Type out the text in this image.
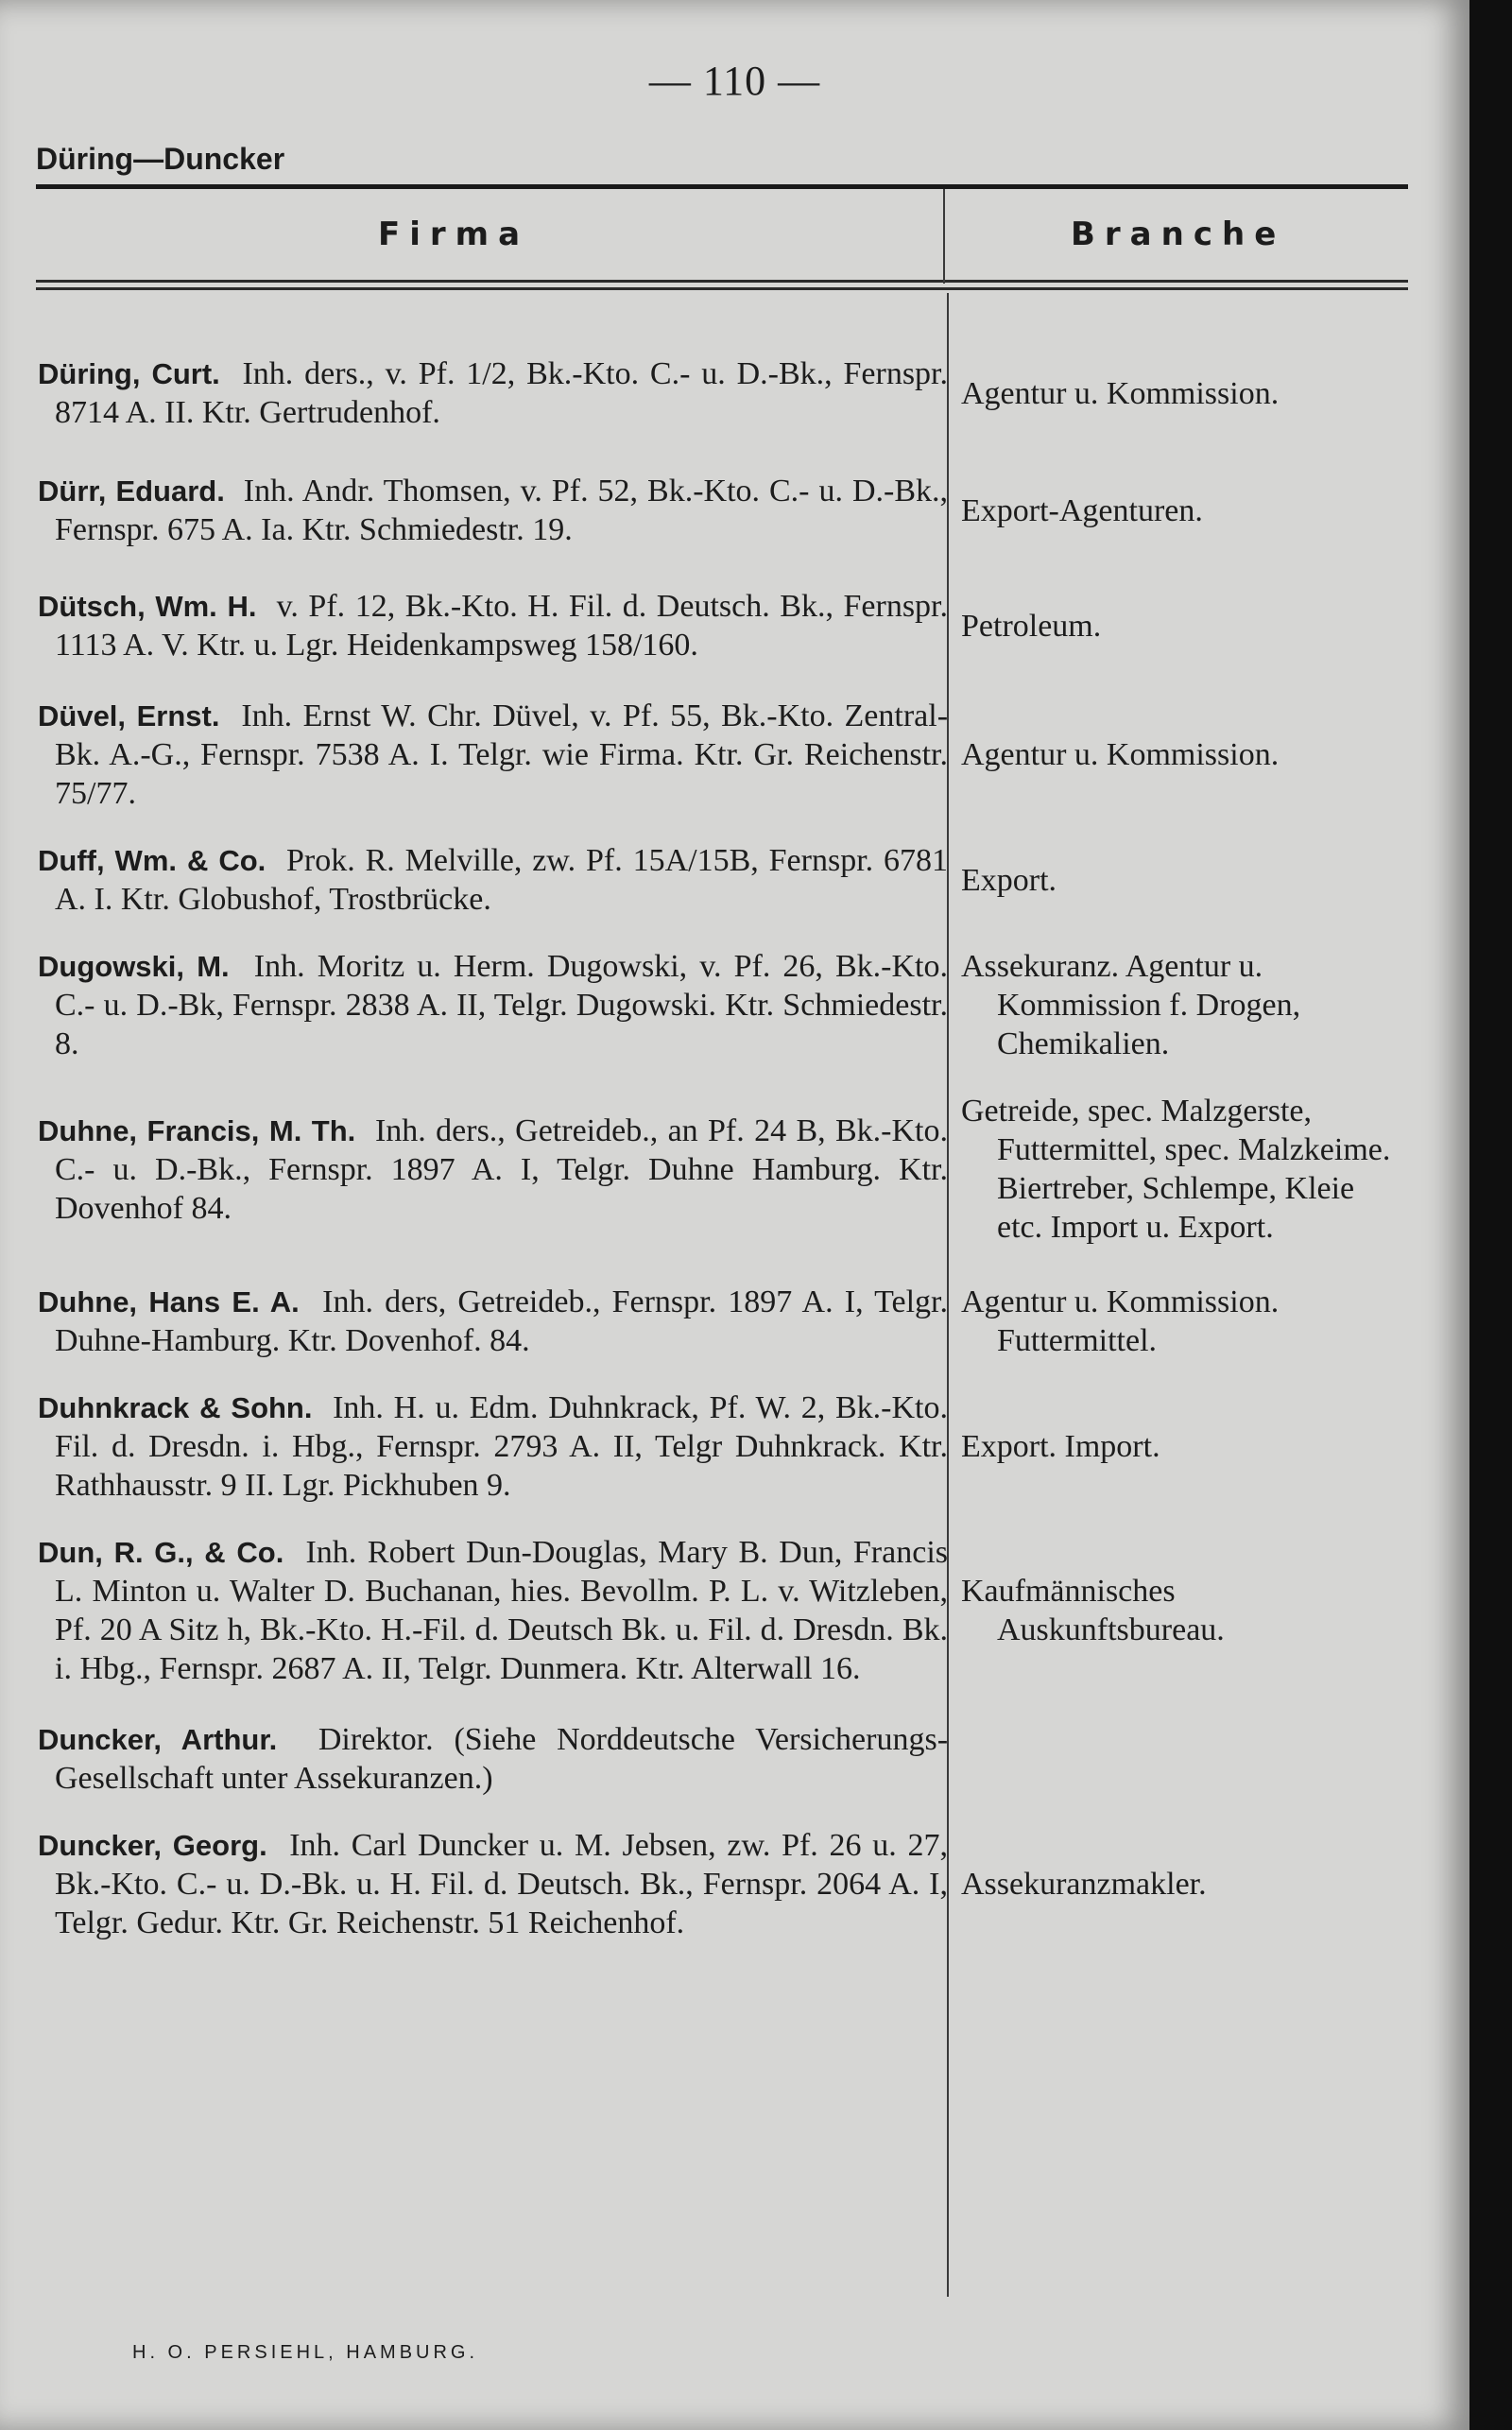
— 110 —
Düring—Duncker
Firma	Branche
Düring, Curt. Inh. ders., v. Pf. 1/2, Bk.-Kto. C.- u. D.-Bk., Fernspr. 8714 A. II. Ktr. Gertrudenhof.
Agentur u. Kommission.
Dürr, Eduard. Inh. Andr. Thomsen, v. Pf. 52, Bk.-Kto. C.- u. D.-Bk., Fernspr. 675 A. Ia. Ktr. Schmiedestr. 19.
Export-Agenturen.
Dütsch, Wm. H. v. Pf. 12, Bk.-Kto. H. Fil. d. Deutsch. Bk., Fernspr. 1113 A. V. Ktr. u. Lgr. Heidenkampsweg 158/160.
Petroleum.
Düvel, Ernst. Inh. Ernst W. Chr. Düvel, v. Pf. 55, Bk.-Kto. Zentral-Bk. A.-G., Fernspr. 7538 A. I. Telgr. wie Firma. Ktr. Gr. Reichenstr. 75/77.
Agentur u. Kommission.
Duff, Wm. & Co. Prok. R. Melville, zw. Pf. 15A/15B, Fernspr. 6781 A. I. Ktr. Globushof, Trostbrücke.
Export.
Dugowski, M. Inh. Moritz u. Herm. Dugowski, v. Pf. 26, Bk.-Kto. C.- u. D.-Bk, Fernspr. 2838 A. II, Telgr. Dugowski. Ktr. Schmiedestr. 8.
Assekuranz. Agentur u. Kommission f. Drogen, Chemikalien.
Duhne, Francis, M. Th. Inh. ders., Getreideb., an Pf. 24 B, Bk.-Kto. C.- u. D.-Bk., Fernspr. 1897 A. I, Telgr. Duhne Hamburg. Ktr. Dovenhof 84.
Getreide, spec. Malzgerste, Futtermittel, spec. Malzkeime. Biertreber, Schlempe, Kleie etc. Import u. Export.
Duhne, Hans E. A. Inh. ders, Getreideb., Fernspr. 1897 A. I, Telgr. Duhne-Hamburg. Ktr. Dovenhof. 84.
Agentur u. Kommission. Futtermittel.
Duhnkrack & Sohn. Inh. H. u. Edm. Duhnkrack, Pf. W. 2, Bk.-Kto. Fil. d. Dresdn. i. Hbg., Fernspr. 2793 A. II, Telgr Duhnkrack. Ktr. Rathhausstr. 9 II. Lgr. Pickhuben 9.
Export. Import.
Dun, R. G., & Co. Inh. Robert Dun-Douglas, Mary B. Dun, Francis L. Minton u. Walter D. Buchanan, hies. Bevollm. P. L. v. Witzleben, Pf. 20 A Sitz h, Bk.-Kto. H.-Fil. d. Deutsch Bk. u. Fil. d. Dresdn. Bk. i. Hbg., Fernspr. 2687 A. II, Telgr. Dunmera. Ktr. Alterwall 16.
Kaufmännisches Auskunftsbureau.
Duncker, Arthur. Direktor. (Siehe Norddeutsche Versicherungs-Gesellschaft unter Assekuranzen.)
Duncker, Georg. Inh. Carl Duncker u. M. Jebsen, zw. Pf. 26 u. 27, Bk.-Kto. C.- u. D.-Bk. u. H. Fil. d. Deutsch. Bk., Fernspr. 2064 A. I, Telgr. Gedur. Ktr. Gr. Reichenstr. 51 Reichenhof.
Assekuranzmakler.
H. O. PERSIEHL, HAMBURG.
